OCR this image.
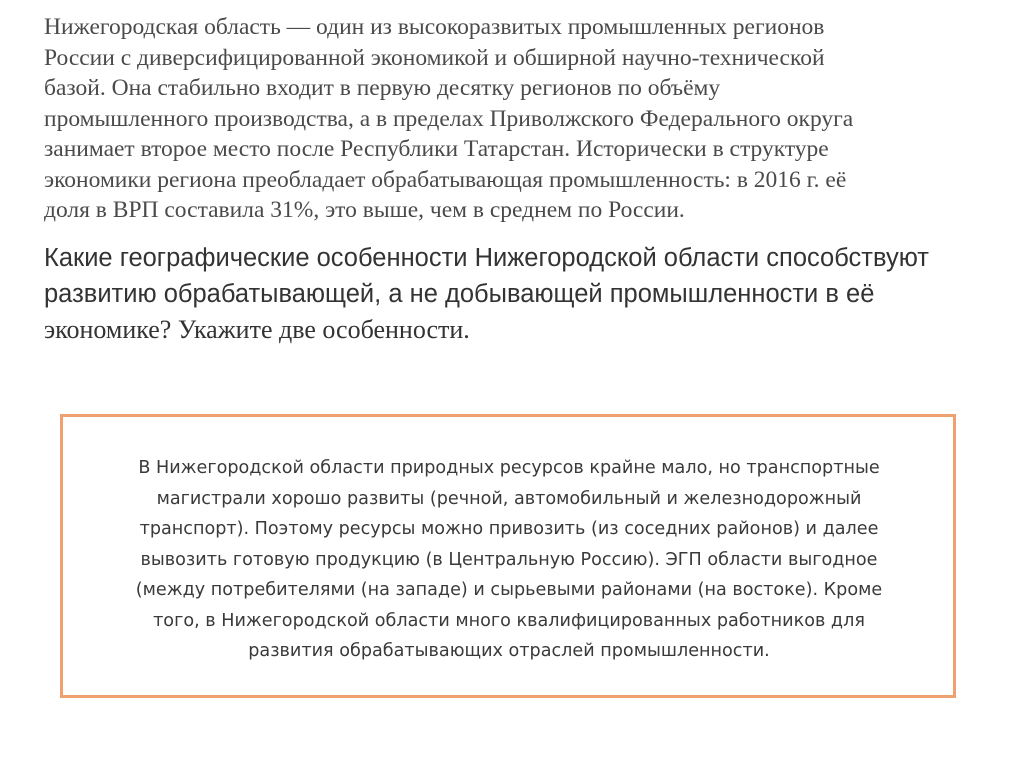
Нижегородская область — один из высокоразвитых промышленных регионов
России с диверсифицированной экономикой и обширной научно-технической
базой. Она стабильно входит в первую десятку регионов по объёму
промышленного производства, а в пределах Приволжского Федерального округа
занимает второе место после Республики Татарстан. Исторически в структуре
экономики региона преобладает обрабатывающая промышленность: в 2016 г. её
доля в ВРП составила 31%, это выше, чем в среднем по России.

Какие географические особенности Нижегородской области способствуют
развитию обрабатывающей, а не добывающей промышленности в её
экономике? Укажите две особенности.

В Нижегородской области природных ресурсов крайне мало, но транспортные
магистрали хорошо развиты (речной, автомобильный и железнодорожный
транспорт). Поэтому ресурсы можно привозить (из соседних районов) и далее
вывозить готовую продукцию (в Центральную Россию). ЭГП области выгодное
(между потребителями (на западе) и сырьевыми районами (на востоке). Кроме
того, в Нижегородской области много квалифицированных работников для
развития обрабатывающих отраслей промышленности.
